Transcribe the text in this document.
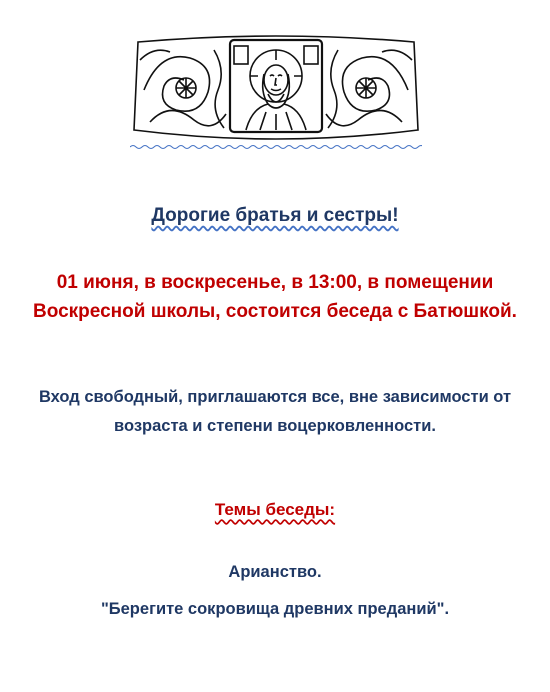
Дорогие братья и сестры!

01 июня, в воскресенье, в 13:00, в помещении Воскресной школы, состоится беседа с Батюшкой.

Вход свободный, приглашаются все, вне зависимости от возраста и степени воцерковленности.

Темы беседы:

Арианство.

"Берегите сокровища древних преданий".
